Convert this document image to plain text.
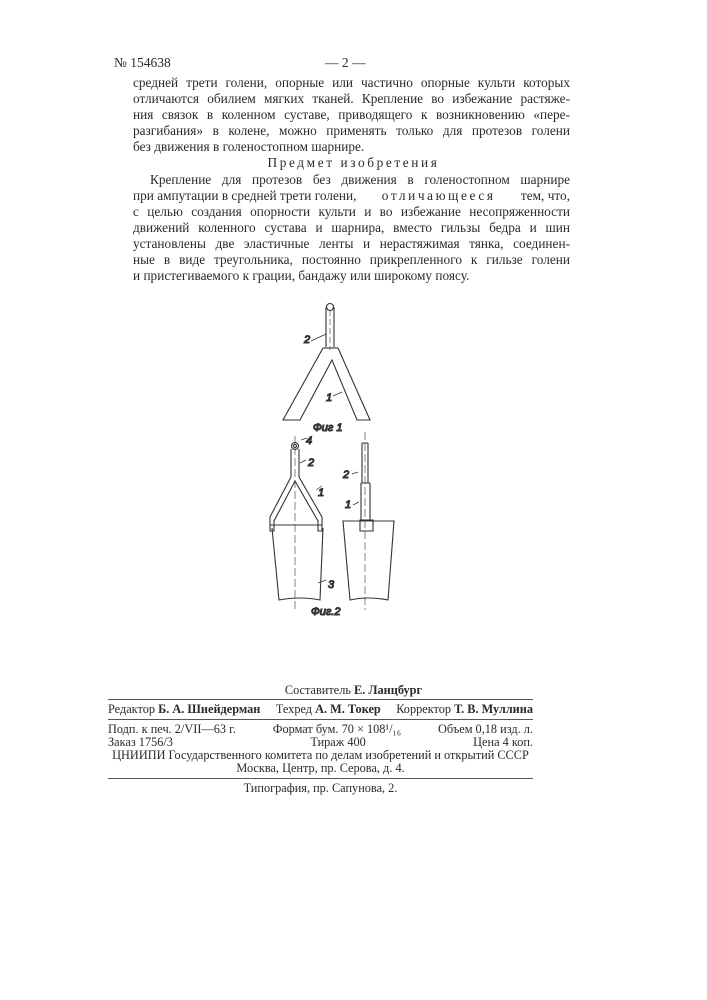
№ 154638	— 2 —
средней трети голени, опорные или частично опорные культи которых
отличаются обилием мягких тканей. Крепление во избежание растяже-
ния связок в коленном суставе, приводящего к возникновению «пере-
разгибания» в колене, можно применять только для протезов голени
без движения в голеностопном шарнире.
Предмет изобретения
Крепление для протезов без движения в голеностопном шарнире
при ампутации в средней трети голени, отличающееся тем, что,
с целью создания опорности культи и во избежание несопряженности
движений коленного сустава и шарнира, вместо гильзы бедра и шин
установлены две эластичные ленты и нерастяжимая тянка, соединен-
ные в виде треугольника, постоянно прикрепленного к гильзе голени
и пристегиваемого к грации, бандажу или широкому поясу.
2
1
Фиг 1
4
2
1
3
Фиг.2
2
1
Составитель Е. Ланцбург
Редактор Б. А. Шнейдерман Техред А. М. Токер Корректор Т. В. Муллина
Подп. к печ. 2/VII—63 г.	Формат бум. 70 × 108¹/₁₆	Объем 0,18 изд. л.
Заказ 1756/3	Тираж 400	Цена 4 коп.
ЦНИИПИ Государственного комитета по делам изобретений и открытий СССР
Москва, Центр, пр. Серова, д. 4.
Типография, пр. Сапунова, 2.
